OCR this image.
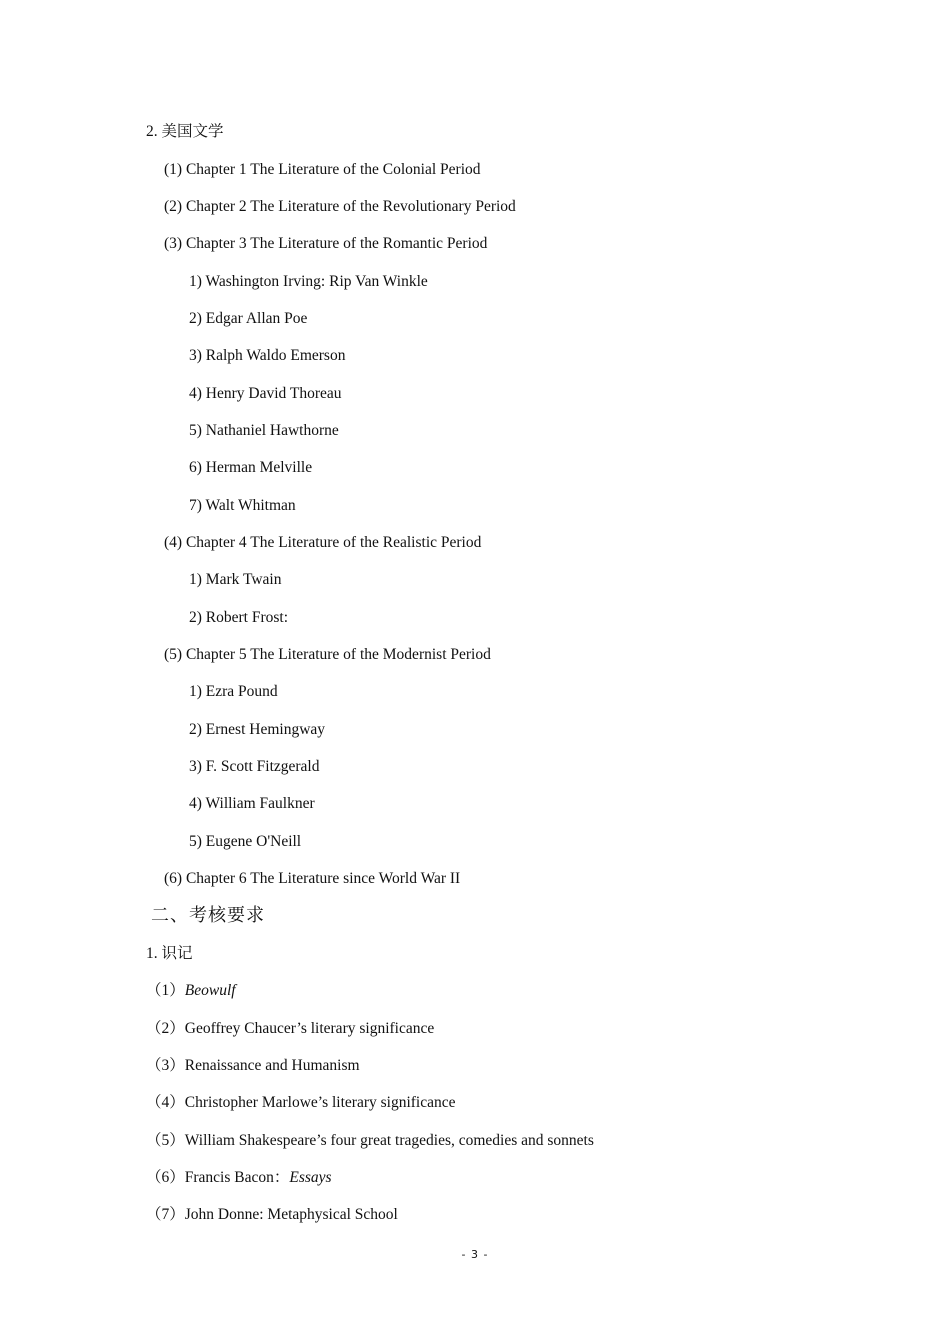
2. 美国文学
(1) Chapter 1 The Literature of the Colonial Period
(2) Chapter 2 The Literature of the Revolutionary Period
(3) Chapter 3 The Literature of the Romantic Period
1) Washington Irving: Rip Van Winkle
2) Edgar Allan Poe
3) Ralph Waldo Emerson
4) Henry David Thoreau
5) Nathaniel Hawthorne
6) Herman Melville
7) Walt Whitman
(4) Chapter 4 The Literature of the Realistic Period
1) Mark Twain
2) Robert Frost:
(5) Chapter 5 The Literature of the Modernist Period
1) Ezra Pound
2) Ernest Hemingway
3) F. Scott Fitzgerald
4) William Faulkner
5) Eugene O'Neill
(6) Chapter 6 The Literature since World War II
二、考核要求
1. 识记
（1）Beowulf
（2）Geoffrey Chaucer’s literary significance
（3）Renaissance and Humanism
（4）Christopher Marlowe’s literary significance
（5）William Shakespeare’s four great tragedies, comedies and sonnets
（6）Francis Bacon：Essays
（7）John Donne: Metaphysical School
- 3 -
